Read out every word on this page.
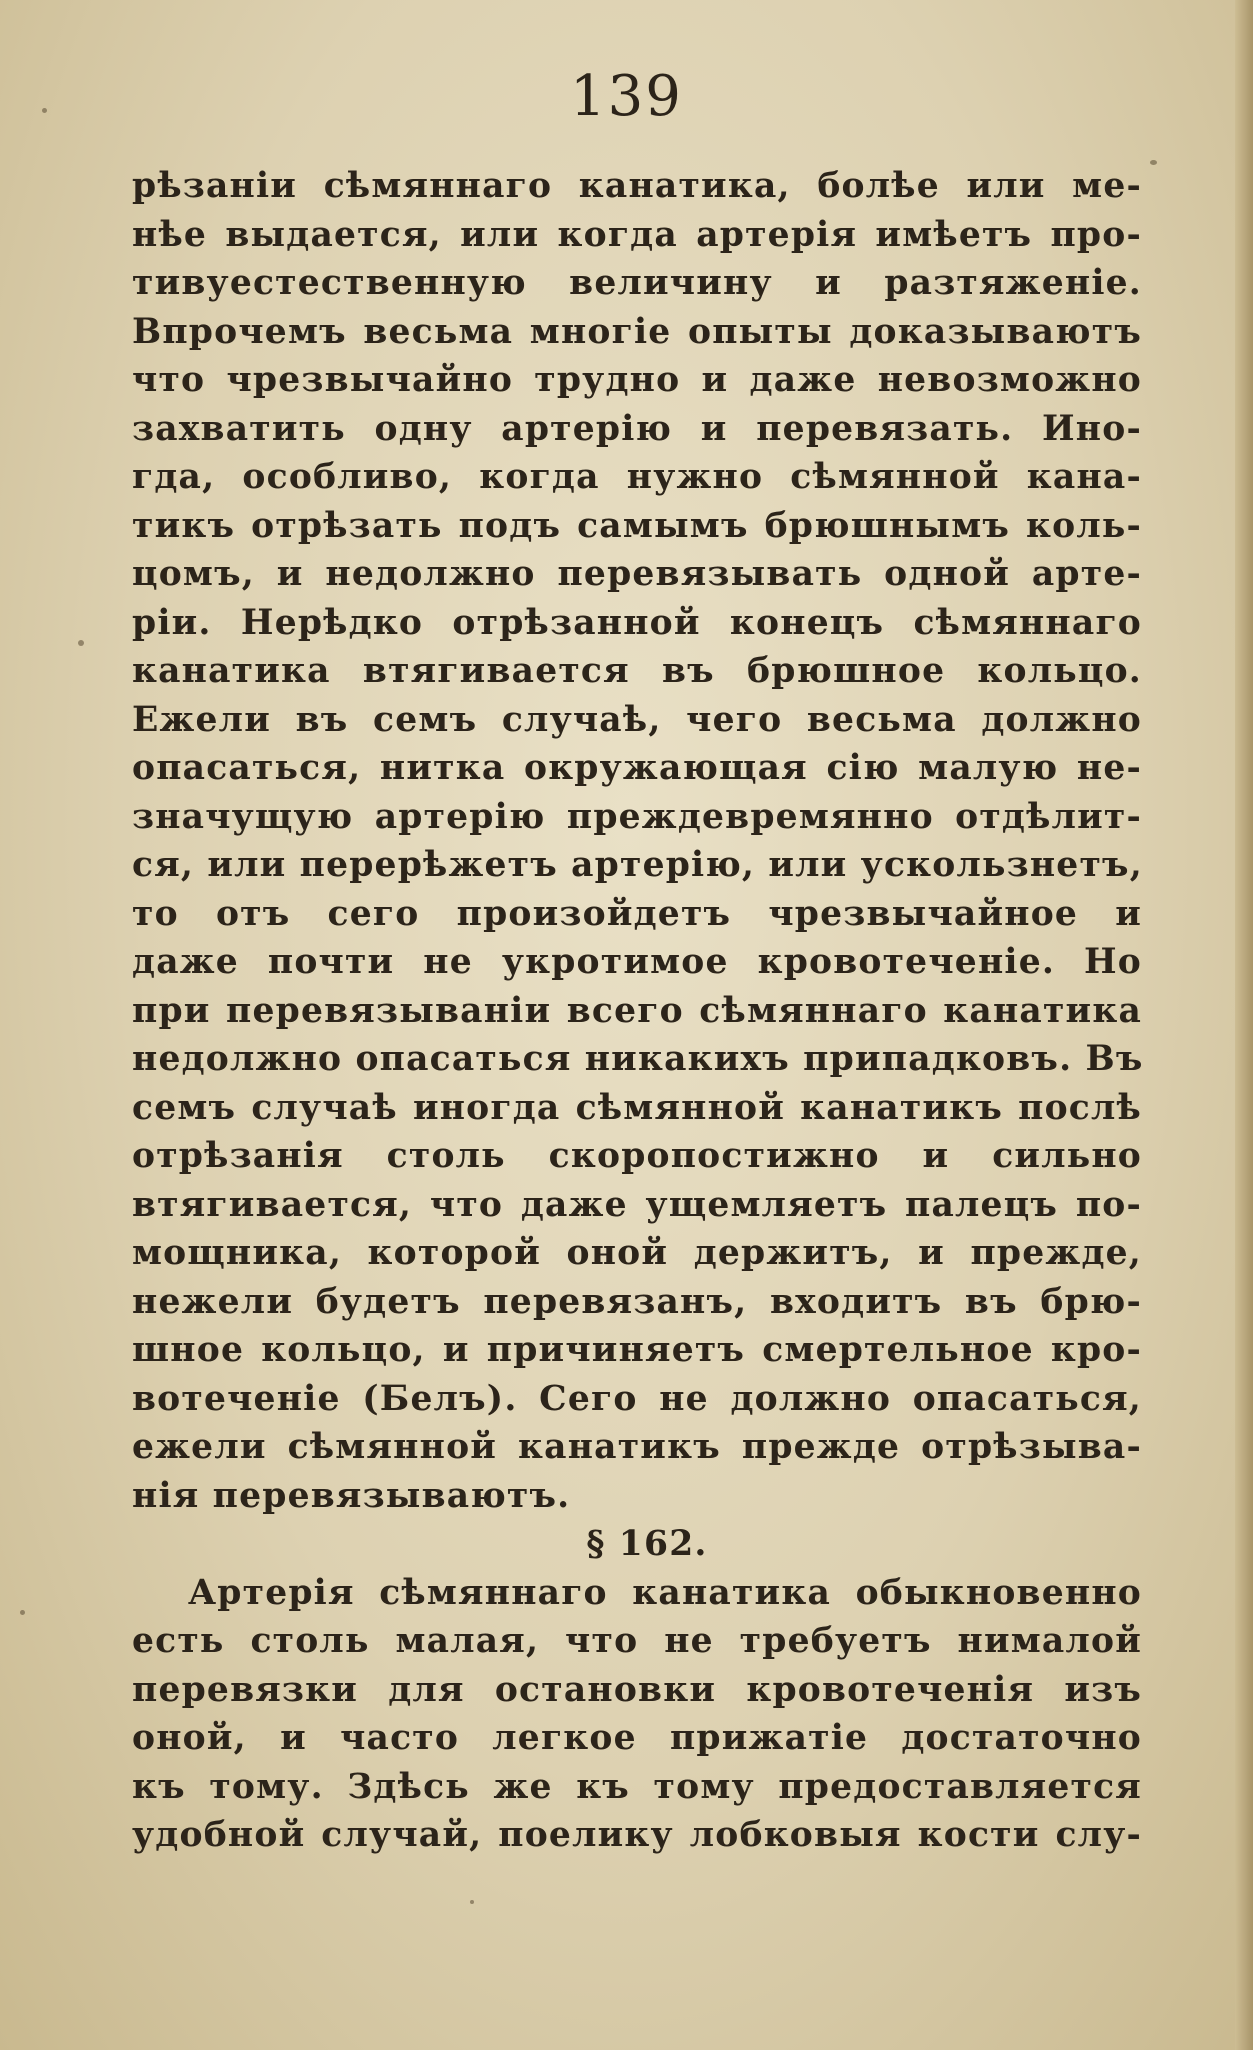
139
рѣзанiи сѣмяннаго канатика, болѣе или ме-
нѣе выдается, или когда артерiя имѣетъ про-
тивуестественную величину и разтяженiе.
Впрочемъ весьма многiе опыты доказываютъ
что чрезвычайно трудно и даже невозможно
захватить одну артерiю и перевязать. Ино-
гда, особливо, когда нужно сѣмянной кана-
тикъ отрѣзать подъ самымъ брюшнымъ коль-
цомъ, и недолжно перевязывать одной арте-
рiи. Нерѣдко отрѣзанной конецъ сѣмяннаго
канатика втягивается въ брюшное кольцо.
Ежели въ семъ случаѣ, чего весьма должно
опасаться, нитка окружающая сiю малую не-
значущую артерiю преждевремянно отдѣлит-
ся, или перерѣжетъ артерiю, или ускользнетъ,
то отъ сего произойдетъ чрезвычайное и
даже почти не укротимое кровотеченiе. Но
при перевязыванiи всего сѣмяннаго канатика
недолжно опасаться никакихъ припадковъ. Въ
семъ случаѣ иногда сѣмянной канатикъ послѣ
отрѣзанiя столь скоропостижно и сильно
втягивается, что даже ущемляетъ палецъ по-
мощника, которой оной держитъ, и прежде,
нежели будетъ перевязанъ, входитъ въ брю-
шное кольцо, и причиняетъ смертельное кро-
вотеченiе (Белъ). Сего не должно опасаться,
ежели сѣмянной канатикъ прежде отрѣзыва-
нiя перевязываютъ.
§ 162.
Артерiя сѣмяннаго канатика обыкновенно
есть столь малая, что не требуетъ нималой
перевязки для остановки кровотеченiя изъ
оной, и часто легкое прижатiе достаточно
къ тому. Здѣсь же къ тому предоставляется
удобной случай, поелику лобковыя кости слу-
